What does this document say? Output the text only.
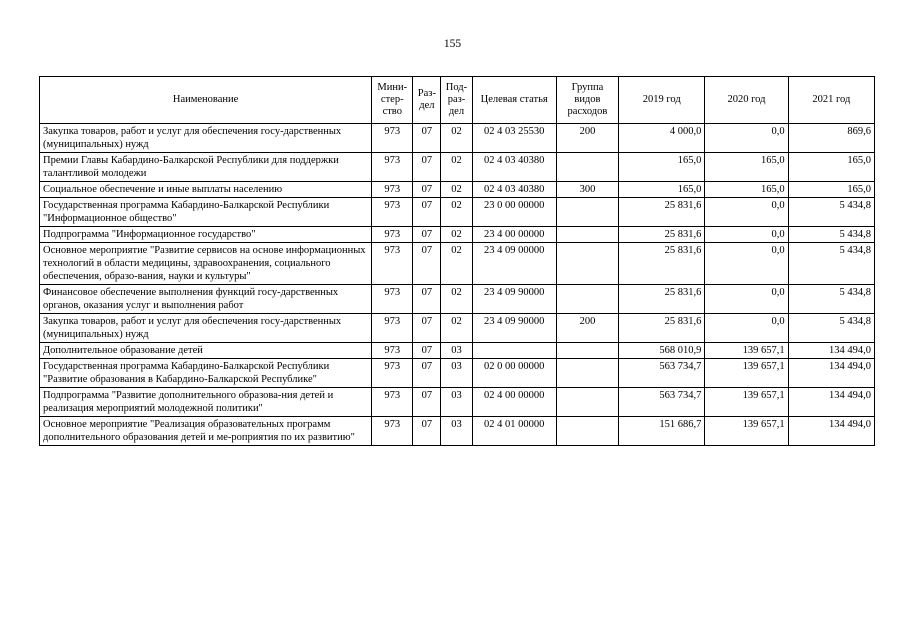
155
Наименование	Мини-стер-ство	Раз-дел	Под-раз-дел	Целевая статья	Группа видов расходов	2019 год	2020 год	2021 год
Закупка товаров, работ и услуг для обеспечения госу-дарственных (муниципальных) нужд	973	07	02	02 4 03 25530	200	4 000,0	0,0	869,6
Премии Главы Кабардино-Балкарской Республики для поддержки талантливой молодежи	973	07	02	02 4 03 40380		165,0	165,0	165,0
Социальное обеспечение и иные выплаты населению	973	07	02	02 4 03 40380	300	165,0	165,0	165,0
Государственная программа Кабардино-Балкарской Республики "Информационное общество"	973	07	02	23 0 00 00000		25 831,6	0,0	5 434,8
Подпрограмма "Информационное государство"	973	07	02	23 4 00 00000		25 831,6	0,0	5 434,8
Основное мероприятие "Развитие сервисов на основе информационных технологий в области медицины, здравоохранения, социального обеспечения, образо-вания, науки и культуры"	973	07	02	23 4 09 00000		25 831,6	0,0	5 434,8
Финансовое обеспечение выполнения функций госу-дарственных органов, оказания услуг и выполнения работ	973	07	02	23 4 09 90000		25 831,6	0,0	5 434,8
Закупка товаров, работ и услуг для обеспечения госу-дарственных (муниципальных) нужд	973	07	02	23 4 09 90000	200	25 831,6	0,0	5 434,8
Дополнительное образование детей	973	07	03			568 010,9	139 657,1	134 494,0
Государственная программа Кабардино-Балкарской Республики "Развитие образования в Кабардино-Балкарской Республике"	973	07	03	02 0 00 00000		563 734,7	139 657,1	134 494,0
Подпрограмма "Развитие дополнительного образова-ния детей и реализация мероприятий молодежной политики"	973	07	03	02 4 00 00000		563 734,7	139 657,1	134 494,0
Основное мероприятие "Реализация образовательных программ дополнительного образования детей и ме-роприятия по их развитию"	973	07	03	02 4 01 00000		151 686,7	139 657,1	134 494,0
